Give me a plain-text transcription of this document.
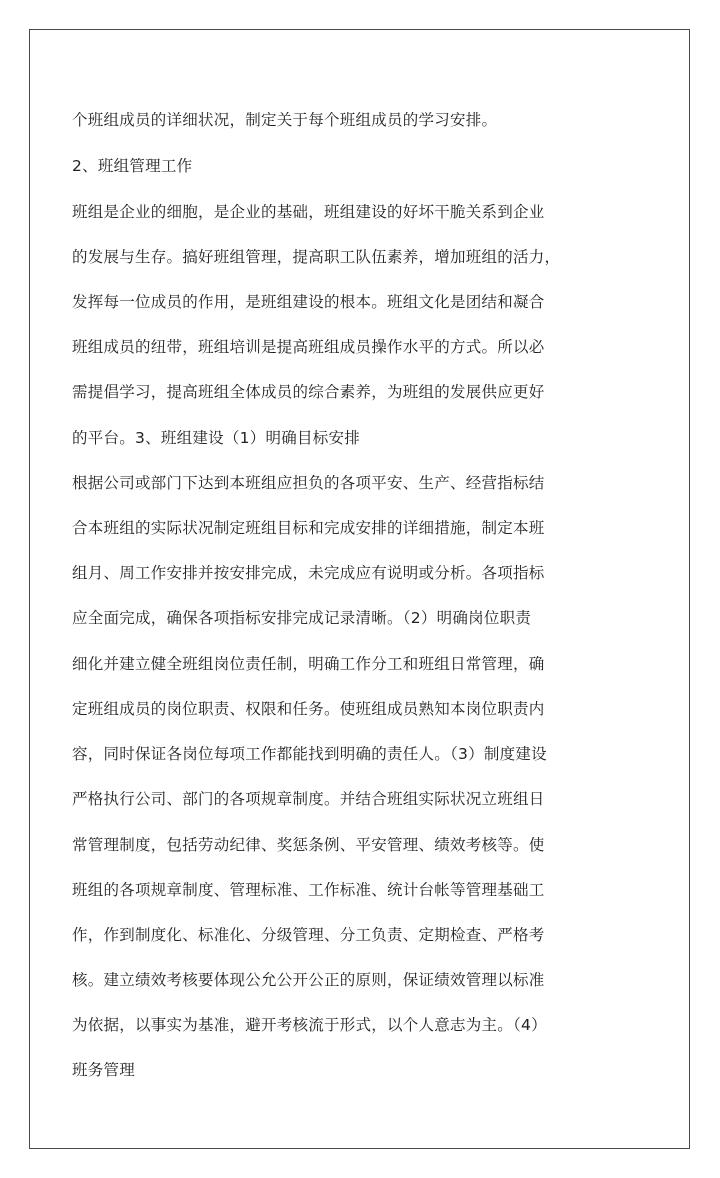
个班组成员的详细状况，制定关于每个班组成员的学习安排。
2、班组管理工作
班组是企业的细胞，是企业的基础，班组建设的好坏干脆关系到企业
的发展与生存。搞好班组管理，提高职工队伍素养，增加班组的活力，
发挥每一位成员的作用，是班组建设的根本。班组文化是团结和凝合
班组成员的纽带，班组培训是提高班组成员操作水平的方式。所以必
需提倡学习，提高班组全体成员的综合素养，为班组的发展供应更好
的平台。3、班组建设（1）明确目标安排
根据公司或部门下达到本班组应担负的各项平安、生产、经营指标结
合本班组的实际状况制定班组目标和完成安排的详细措施，制定本班
组月、周工作安排并按安排完成，未完成应有说明或分析。各项指标
应全面完成，确保各项指标安排完成记录清晰。（2）明确岗位职责
细化并建立健全班组岗位责任制，明确工作分工和班组日常管理，确
定班组成员的岗位职责、权限和任务。使班组成员熟知本岗位职责内
容，同时保证各岗位每项工作都能找到明确的责任人。（3）制度建设
严格执行公司、部门的各项规章制度。并结合班组实际状况立班组日
常管理制度，包括劳动纪律、奖惩条例、平安管理、绩效考核等。使
班组的各项规章制度、管理标准、工作标准、统计台帐等管理基础工
作，作到制度化、标准化、分级管理、分工负责、定期检查、严格考
核。建立绩效考核要体现公允公开公正的原则，保证绩效管理以标准
为依据，以事实为基准，避开考核流于形式，以个人意志为主。（4）
班务管理
